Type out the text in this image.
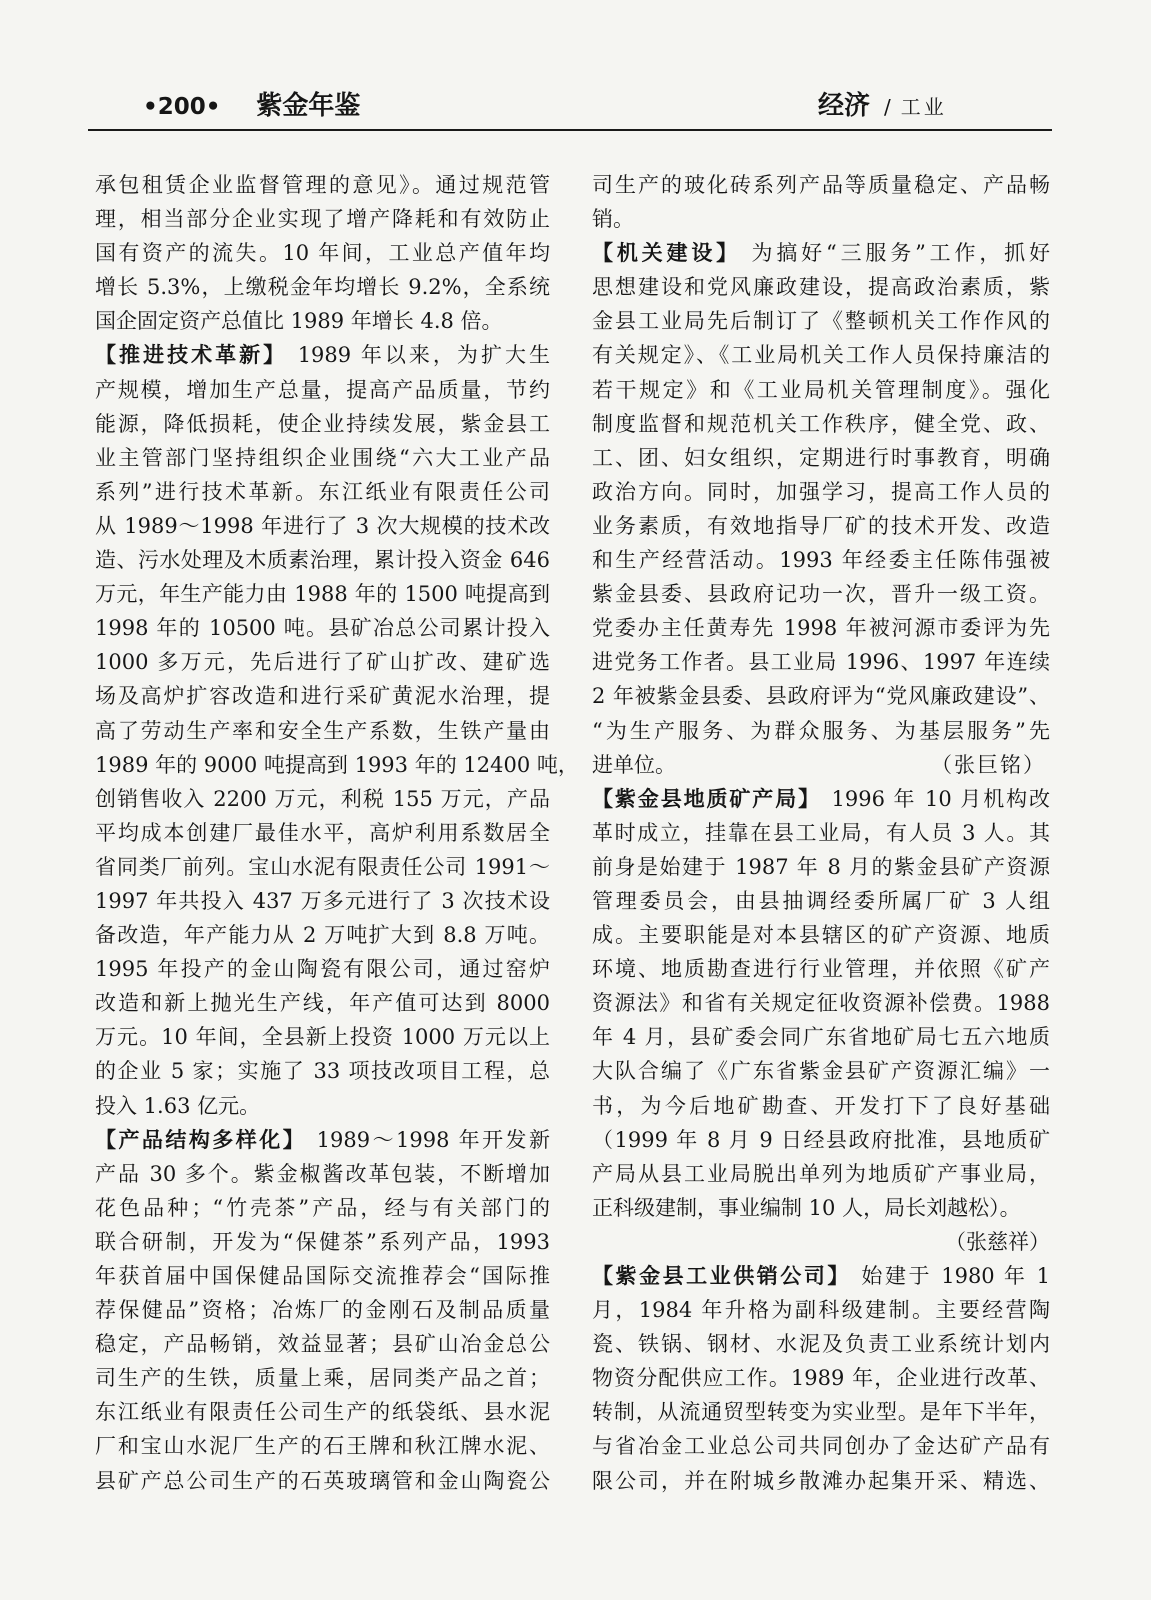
•200• 紫金年鉴	经济 / 工业
承包租赁企业监督管理的意见》。通过规范管
理，相当部分企业实现了增产降耗和有效防止
国有资产的流失。10 年间，工业总产值年均
增长 5.3%，上缴税金年均增长 9.2%，全系统
国企固定资产总值比 1989 年增长 4.8 倍。
【推进技术革新】 1989 年以来，为扩大生
产规模，增加生产总量，提高产品质量，节约
能源，降低损耗，使企业持续发展，紫金县工
业主管部门坚持组织企业围绕“六大工业产品
系列”进行技术革新。东江纸业有限责任公司
从 1989～1998 年进行了 3 次大规模的技术改
造、污水处理及木质素治理，累计投入资金 646
万元，年生产能力由 1988 年的 1500 吨提高到
1998 年的 10500 吨。县矿冶总公司累计投入
1000 多万元，先后进行了矿山扩改、建矿选
场及高炉扩容改造和进行采矿黄泥水治理，提
高了劳动生产率和安全生产系数，生铁产量由
1989 年的 9000 吨提高到 1993 年的 12400 吨，
创销售收入 2200 万元，利税 155 万元，产品
平均成本创建厂最佳水平，高炉利用系数居全
省同类厂前列。宝山水泥有限责任公司 1991～
1997 年共投入 437 万多元进行了 3 次技术设
备改造，年产能力从 2 万吨扩大到 8.8 万吨。
1995 年投产的金山陶瓷有限公司，通过窑炉
改造和新上抛光生产线，年产值可达到 8000
万元。10 年间，全县新上投资 1000 万元以上
的企业 5 家；实施了 33 项技改项目工程，总
投入 1.63 亿元。
【产品结构多样化】 1989～1998 年开发新
产品 30 多个。紫金椒酱改革包装，不断增加
花色品种；“竹壳茶”产品，经与有关部门的
联合研制，开发为“保健茶”系列产品，1993
年获首届中国保健品国际交流推荐会“国际推
荐保健品”资格；冶炼厂的金刚石及制品质量
稳定，产品畅销，效益显著；县矿山冶金总公
司生产的生铁，质量上乘，居同类产品之首；
东江纸业有限责任公司生产的纸袋纸、县水泥
厂和宝山水泥厂生产的石王牌和秋江牌水泥、
县矿产总公司生产的石英玻璃管和金山陶瓷公
司生产的玻化砖系列产品等质量稳定、产品畅
销。
【机关建设】 为搞好“三服务”工作，抓好
思想建设和党风廉政建设，提高政治素质，紫
金县工业局先后制订了《整顿机关工作作风的
有关规定》、《工业局机关工作人员保持廉洁的
若干规定》和《工业局机关管理制度》。强化
制度监督和规范机关工作秩序，健全党、政、
工、团、妇女组织，定期进行时事教育，明确
政治方向。同时，加强学习，提高工作人员的
业务素质，有效地指导厂矿的技术开发、改造
和生产经营活动。1993 年经委主任陈伟强被
紫金县委、县政府记功一次，晋升一级工资。
党委办主任黄寿先 1998 年被河源市委评为先
进党务工作者。县工业局 1996、1997 年连续
2 年被紫金县委、县政府评为“党风廉政建设”、
“为生产服务、为群众服务、为基层服务”先
进单位。	（张巨铭）
【紫金县地质矿产局】 1996 年 10 月机构改
革时成立，挂靠在县工业局，有人员 3 人。其
前身是始建于 1987 年 8 月的紫金县矿产资源
管理委员会，由县抽调经委所属厂矿 3 人组
成。主要职能是对本县辖区的矿产资源、地质
环境、地质勘查进行行业管理，并依照《矿产
资源法》和省有关规定征收资源补偿费。1988
年 4 月，县矿委会同广东省地矿局七五六地质
大队合编了《广东省紫金县矿产资源汇编》一
书，为今后地矿勘查、开发打下了良好基础
（1999 年 8 月 9 日经县政府批准，县地质矿
产局从县工业局脱出单列为地质矿产事业局，
正科级建制，事业编制 10 人，局长刘越松）。
（张慈祥）
【紫金县工业供销公司】 始建于 1980 年 1
月，1984 年升格为副科级建制。主要经营陶
瓷、铁锅、钢材、水泥及负责工业系统计划内
物资分配供应工作。1989 年，企业进行改革、
转制，从流通贸型转变为实业型。是年下半年，
与省冶金工业总公司共同创办了金达矿产品有
限公司，并在附城乡散滩办起集开采、精选、
